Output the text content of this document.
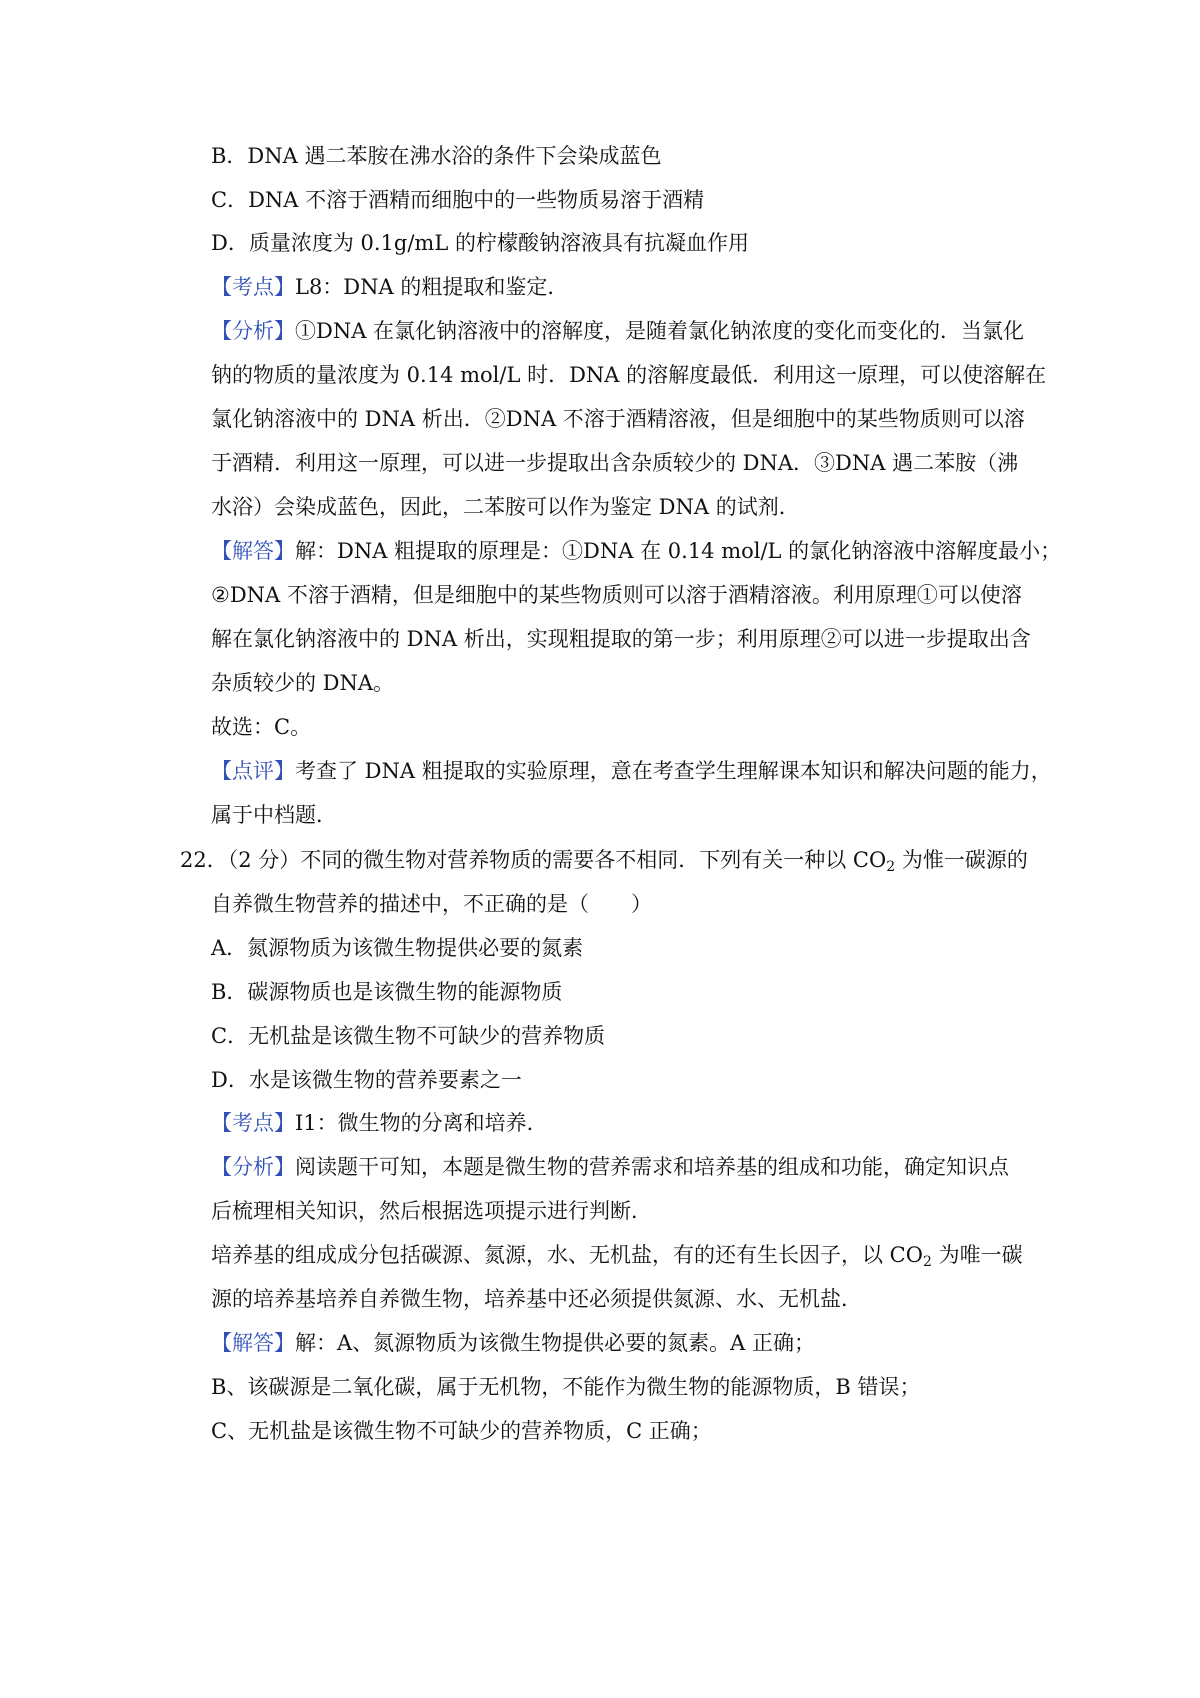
B．DNA 遇二苯胺在沸水浴的条件下会染成蓝色
C．DNA 不溶于酒精而细胞中的一些物质易溶于酒精
D．质量浓度为 0.1g/mL 的柠檬酸钠溶液具有抗凝血作用
【考点】L8：DNA 的粗提取和鉴定．
【分析】①DNA 在氯化钠溶液中的溶解度，是随着氯化钠浓度的变化而变化的．当氯化
钠的物质的量浓度为 0.14 mol/L 时．DNA 的溶解度最低．利用这一原理，可以使溶解在
氯化钠溶液中的 DNA 析出．②DNA 不溶于酒精溶液，但是细胞中的某些物质则可以溶
于酒精．利用这一原理，可以进一步提取出含杂质较少的 DNA．③DNA 遇二苯胺（沸
水浴）会染成蓝色，因此，二苯胺可以作为鉴定 DNA 的试剂．
【解答】解：DNA 粗提取的原理是：①DNA 在 0.14 mol/L 的氯化钠溶液中溶解度最小；
②DNA 不溶于酒精，但是细胞中的某些物质则可以溶于酒精溶液。利用原理①可以使溶
解在氯化钠溶液中的 DNA 析出，实现粗提取的第一步；利用原理②可以进一步提取出含
杂质较少的 DNA。
故选：C。
【点评】考查了 DNA 粗提取的实验原理，意在考查学生理解课本知识和解决问题的能力，
属于中档题．
22．（2 分）不同的微生物对营养物质的需要各不相同．下列有关一种以 $CO_2$ 为惟一碳源的
自养微生物营养的描述中，不正确的是（　　）
A．氮源物质为该微生物提供必要的氮素
B．碳源物质也是该微生物的能源物质
C．无机盐是该微生物不可缺少的营养物质
D．水是该微生物的营养要素之一
【考点】I1：微生物的分离和培养．
【分析】阅读题干可知，本题是微生物的营养需求和培养基的组成和功能，确定知识点
后梳理相关知识，然后根据选项提示进行判断．
培养基的组成成分包括碳源、氮源，水、无机盐，有的还有生长因子，以 $CO_2$ 为唯一碳
源的培养基培养自养微生物，培养基中还必须提供氮源、水、无机盐．
【解答】解：A、氮源物质为该微生物提供必要的氮素。A 正确；
B、该碳源是二氧化碳，属于无机物，不能作为微生物的能源物质，B 错误；
C、无机盐是该微生物不可缺少的营养物质，C 正确；
